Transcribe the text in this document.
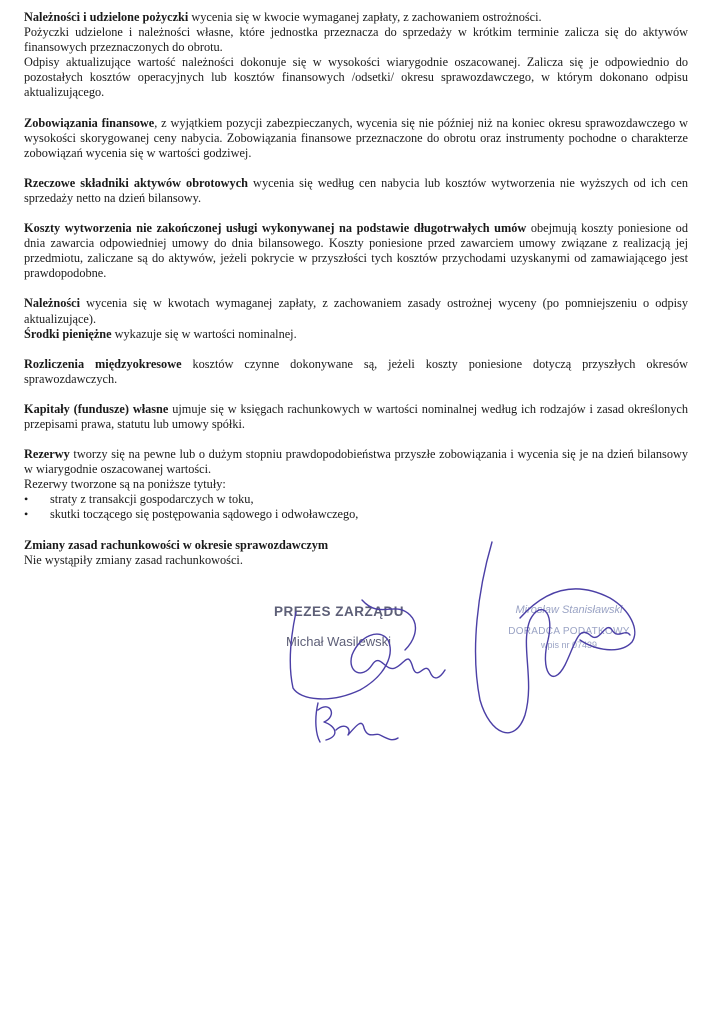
Należności i udzielone pożyczki wycenia się w kwocie wymaganej zapłaty, z zachowaniem ostrożności.

Pożyczki udzielone i należności własne, które jednostka przeznacza do sprzedaży w krótkim terminie zalicza się do aktywów finansowych przeznaczonych do obrotu.

Odpisy aktualizujące wartość należności dokonuje się w wysokości wiarygodnie oszacowanej. Zalicza się je odpowiednio do pozostałych kosztów operacyjnych lub kosztów finansowych /odsetki/ okresu sprawozdawczego, w którym dokonano odpisu aktualizującego.

Zobowiązania finansowe, z wyjątkiem pozycji zabezpieczanych, wycenia się nie później niż na koniec okresu sprawozdawczego w wysokości skorygowanej ceny nabycia. Zobowiązania finansowe przeznaczone do obrotu oraz instrumenty pochodne o charakterze zobowiązań wycenia się w wartości godziwej.

Rzeczowe składniki aktywów obrotowych wycenia się według cen nabycia lub kosztów wytworzenia nie wyższych od ich cen sprzedaży netto na dzień bilansowy.

Koszty wytworzenia nie zakończonej usługi wykonywanej na podstawie długotrwałych umów obejmują koszty poniesione od dnia zawarcia odpowiedniej umowy do dnia bilansowego. Koszty poniesione przed zawarciem umowy związane z realizacją jej przedmiotu, zaliczane są do aktywów, jeżeli pokrycie w przyszłości tych kosztów przychodami uzyskanymi od zamawiającego jest prawdopodobne.

Należności wycenia się w kwotach wymaganej zapłaty, z zachowaniem zasady ostrożnej wyceny (po pomniejszeniu o odpisy aktualizujące).

Środki pieniężne wykazuje się w wartości nominalnej.

Rozliczenia międzyokresowe kosztów czynne dokonywane są, jeżeli koszty poniesione dotyczą przyszłych okresów sprawozdawczych.

Kapitały (fundusze) własne ujmuje się w księgach rachunkowych w wartości nominalnej według ich rodzajów i zasad określonych przepisami prawa, statutu lub umowy spółki.

Rezerwy tworzy się na pewne lub o dużym stopniu prawdopodobieństwa przyszłe zobowiązania i wycenia się je na dzień bilansowy w wiarygodnie oszacowanej wartości.

Rezerwy tworzone są na poniższe tytuły:

• straty z transakcji gospodarczych w toku,
• skutki toczącego się postępowania sądowego i odwoławczego,

Zmiany zasad rachunkowości w okresie sprawozdawczym

Nie wystąpiły zmiany zasad rachunkowości.

PREZES ZARZĄDU
Michał Wasilewski
Mirosław Stanisławski
DORADCA PODATKOWY
wpis nr 07439
